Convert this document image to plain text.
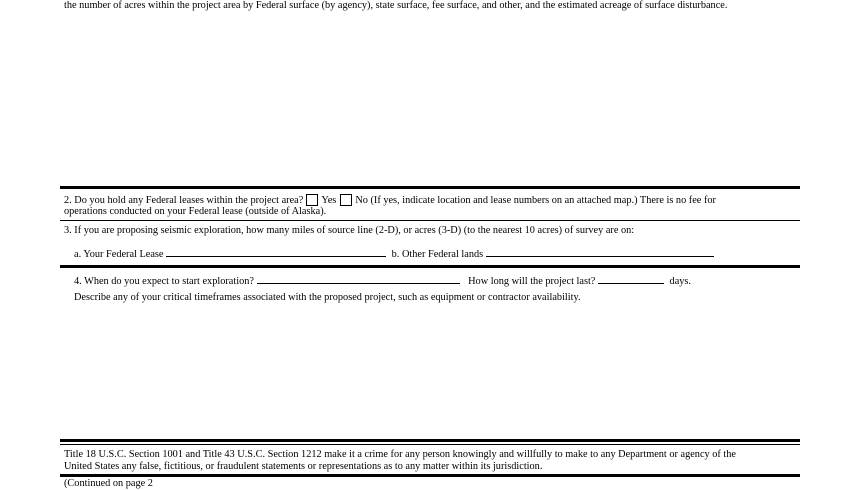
the number of acres within the project area by Federal surface (by agency), state surface, fee surface, and other, and the estimated acreage of surface disturbance.
2. Do you hold any Federal leases within the project area? Yes No (If yes, indicate location and lease numbers on an attached map.) There is no fee for
operations conducted on your Federal lease (outside of Alaska).
3. If you are proposing seismic exploration, how many miles of source line (2-D), or acres (3-D) (to the nearest 10 acres) of survey are on:
a. Your Federal Lease	b. Other Federal lands
4. When do you expect to start exploration?	How long will the project last?	days.
Describe any of your critical timeframes associated with the proposed project, such as equipment or contractor availability.
Title 18 U.S.C. Section 1001 and Title 43 U.S.C. Section 1212 make it a crime for any person knowingly and willfully to make to any Department or agency of the
United States any false, fictitious, or fraudulent statements or representations as to any matter within its jurisdiction.
(Continued on page 2
